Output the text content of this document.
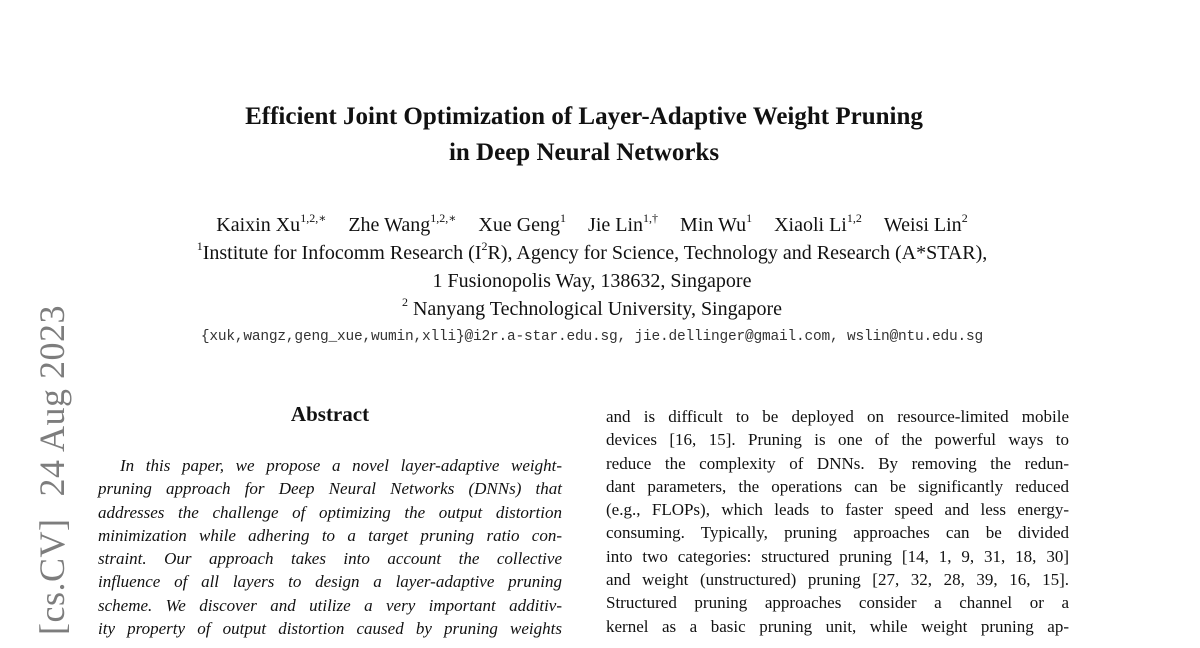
[cs.CV]24 Aug 2023
Efficient Joint Optimization of Layer-Adaptive Weight Pruning
in Deep Neural Networks
Kaixin $Xu^{1,2,∗}$ Zhe Wang$^{1,2,∗}$ Xue Geng$^1$ Jie Lin$^{1,\dagger}$ Min Wu$^1$ Xiaoli Li$^{1,2}$ Weisi Lin$^2$
$^1$Institute for Infocomm Research $(I^2R)$, Agency for Science, Technology and Research (A*STAR),
1 Fusionopolis Way, 138632, Singapore
$^2$ Nanyang Technological University, Singapore
{xuk,wangz,geng_xue,wumin,xlli}@i2r.a-star.edu.sg, jie.dellinger@gmail.com, wslin@ntu.edu.sg
Abstract
In this paper, we propose a novel layer-adaptive weight-
pruning approach for Deep Neural Networks (DNNs) that
addresses the challenge of optimizing the output distortion
minimization while adhering to a target pruning ratio con-
straint. Our approach takes into account the collective
influence of all layers to design a layer-adaptive pruning
scheme. We discover and utilize a very important additiv-
ity property of output distortion caused by pruning weights
and is difficult to be deployed on resource-limited mobile
devices [16, 15]. Pruning is one of the powerful ways to
reduce the complexity of DNNs. By removing the redun-
dant parameters, the operations can be significantly reduced
(e.g., FLOPs), which leads to faster speed and less energy-
consuming. Typically, pruning approaches can be divided
into two categories: structured pruning [14, 1, 9, 31, 18, 30]
and weight (unstructured) pruning [27, 32, 28, 39, 16, 15].
Structured pruning approaches consider a channel or a
kernel as a basic pruning unit, while weight pruning ap-
